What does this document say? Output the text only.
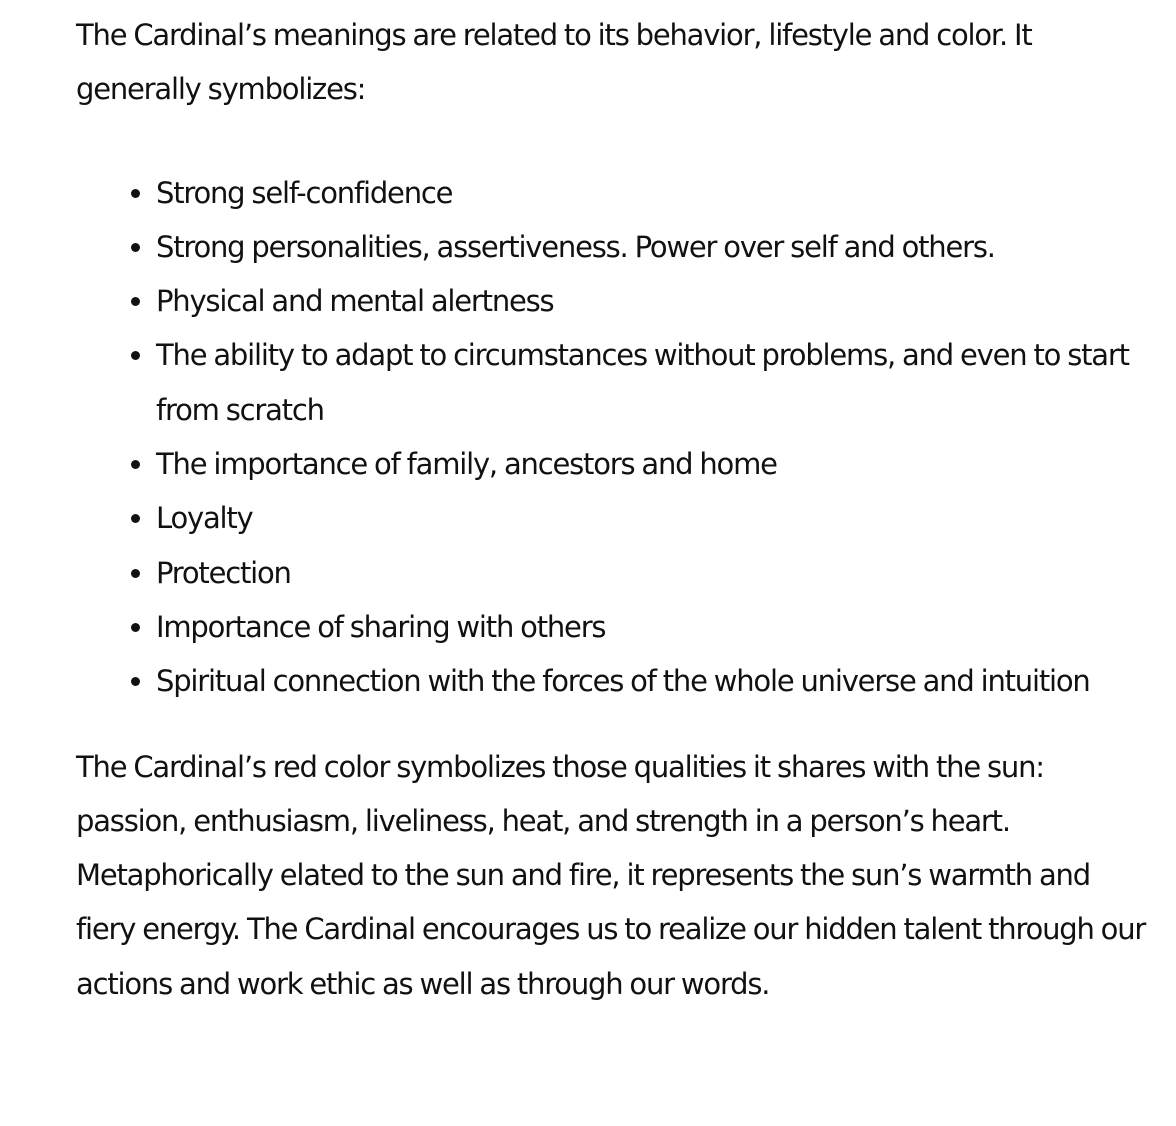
The Cardinal’s meanings are related to its behavior, lifestyle and color. It generally symbolizes:

• Strong self-confidence
• Strong personalities, assertiveness. Power over self and others.
• Physical and mental alertness
• The ability to adapt to circumstances without problems, and even to start from scratch
• The importance of family, ancestors and home
• Loyalty
• Protection
• Importance of sharing with others
• Spiritual connection with the forces of the whole universe and intuition

The Cardinal’s red color symbolizes those qualities it shares with the sun: passion, enthusiasm, liveliness, heat, and strength in a person’s heart. Metaphorically elated to the sun and fire, it represents the sun’s warmth and fiery energy. The Cardinal encourages us to realize our hidden talent through our actions and work ethic as well as through our words.
